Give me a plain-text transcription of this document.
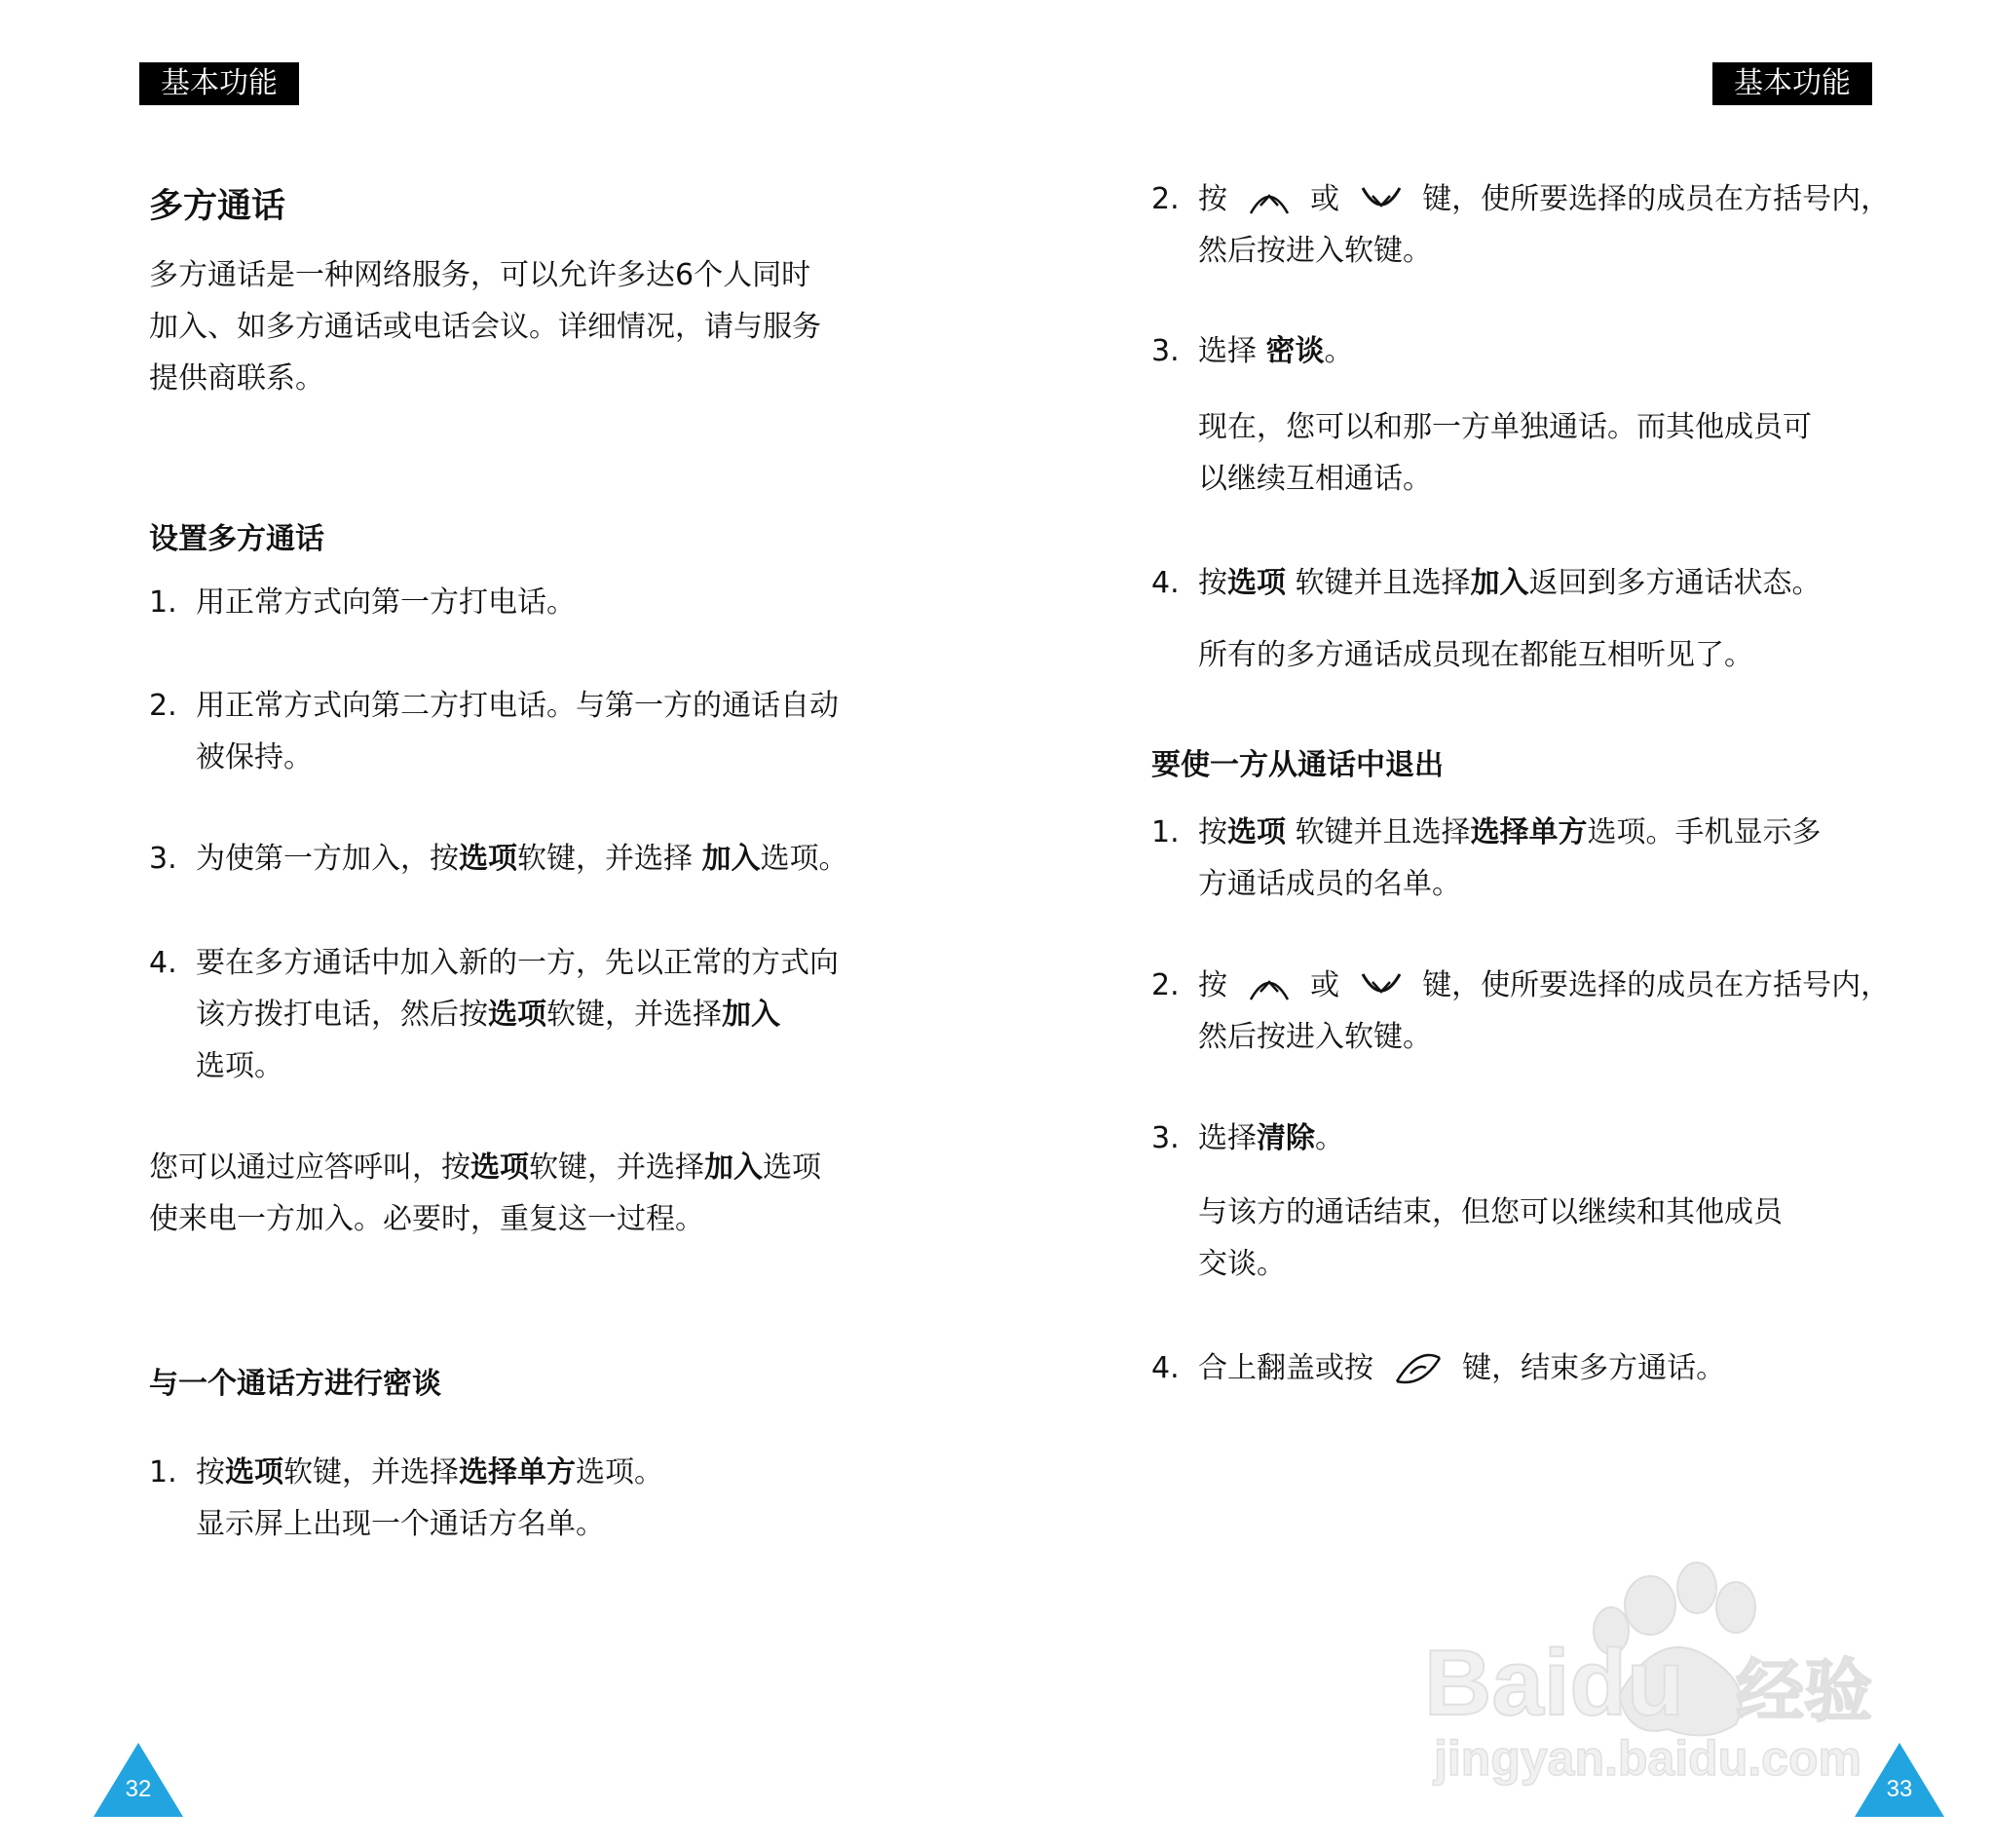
基本功能
多方通话
多方通话是一种网络服务，可以允许多达6个人同时
加入、如多方通话或电话会议。详细情况，请与服务
提供商联系。
设置多方通话
1. 用正常方式向第一方打电话。
2. 用正常方式向第二方打电话。与第一方的通话自动
被保持。
3. 为使第一方加入，按选项软键，并选择 加入选项。
4. 要在多方通话中加入新的一方，先以正常的方式向
该方拨打电话，然后按选项软键，并选择加入
选项。
您可以通过应答呼叫，按选项软键，并选择加入选项
使来电一方加入。必要时，重复这一过程。
与一个通话方进行密谈
1. 按选项软键，并选择选择单方选项。
显示屏上出现一个通话方名单。
32
基本功能
2. 按	或	键，使所要选择的成员在方括号内，
然后按进入软键。
3. 选择 密谈。
现在，您可以和那一方单独通话。而其他成员可
以继续互相通话。
4. 按选项 软键并且选择加入返回到多方通话状态。
所有的多方通话成员现在都能互相听见了。
要使一方从通话中退出
1. 按选项 软键并且选择选择单方选项。手机显示多
方通话成员的名单。
2. 按	或	键，使所要选择的成员在方括号内，
然后按进入软键。
3. 选择清除。
与该方的通话结束，但您可以继续和其他成员
交谈。
4. 合上翻盖或按	键，结束多方通话。
33
Baidu 经验
jingyan.baidu.com
